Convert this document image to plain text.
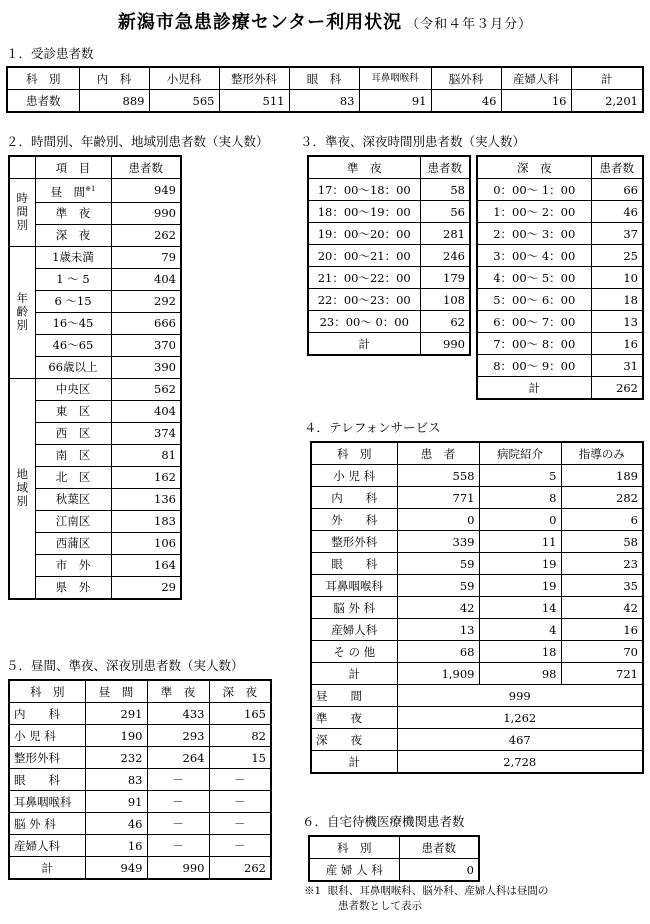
新潟市急患診療センター利用状況 （令和４年３月分）
１．受診患者数
科　別	内　科	小児科	整形外科	眼　科	耳鼻咽喉科	脳外科	産婦人科	計
患者数	889	565	511	83	91	46	16	2,201
２．時間別、年齢別、地域別患者数（実人数）
	項　目	患者数
時間別	昼　間$^{※1}$	949
	準　夜	990
	深　夜	262
年齢別	1歳未満	79
	1 ～ 5	404
	6 ～15	292
	16～45	666
	46～65	370
	66歳以上	390
地域別	中央区	562
	東　区	404
	西　区	374
	南　区	81
	北　区	162
	秋葉区	136
	江南区	183
	西蒲区	106
	市　外	164
	県　外	29
３．準夜、深夜時間別患者数（実人数）
準　夜	患者数
17：00～18：00	58
18：00～19：00	56
19：00～20：00	281
20：00～21：00	246
21：00～22：00	179
22：00～23：00	108
23：00～ 0：00	62
計	990
深　夜	患者数
0：00～ 1：00	66
1：00～ 2：00	46
2：00～ 3：00	37
3：00～ 4：00	25
4：00～ 5：00	10
5：00～ 6：00	18
6：00～ 7：00	13
7：00～ 8：00	16
8：00～ 9：00	31
計	262
４．テレフォンサービス
科　別	患　者	病院紹介	指導のみ
小 児 科	558	5	189
内　　科	771	8	282
外　　科	0	0	6
整形外科	339	11	58
眼　　科	59	19	23
耳鼻咽喉科	59	19	35
脳 外 科	42	14	42
産婦人科	13	4	16
そ の 他	68	18	70
計	1,909	98	721
昼　　間	999		
準　　夜	1,262		
深　　夜	467		
計	2,728		
５．昼間、準夜、深夜別患者数（実人数）
科　別	昼　間	準　夜	深　夜
内　　科	291	433	165
小 児 科	190	293	82
整形外科	232	264	15
眼　　科	83	－	－
耳鼻咽喉科	91	－	－
脳 外 科	46	－	－
産婦人科	16	－	－
計	949	990	262
６．自宅待機医療機関患者数
科　別	患者数
産 婦 人 科	0
※1 眼科、耳鼻咽喉科、脳外科、産婦人科は昼間の
患者数として表示
